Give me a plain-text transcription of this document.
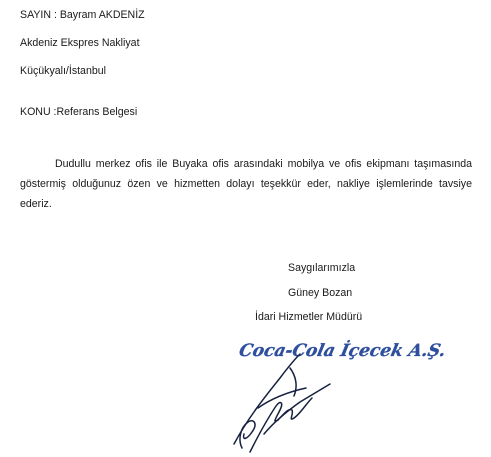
SAYIN : Bayram AKDENİZ
Akdeniz Ekspres Nakliyat
Küçükyalı/İstanbul
KONU :Referans Belgesi
Dudullu merkez ofis ile Buyaka ofis arasındaki mobilya ve ofis ekipmanı taşımasında göstermiş olduğunuz özen ve hizmetten dolayı teşekkür eder, nakliye işlemlerinde tavsiye ederiz.
Saygılarımızla
Güney Bozan
İdari Hizmetler Müdürü
Coca-Cola İçecek A.Ş.
